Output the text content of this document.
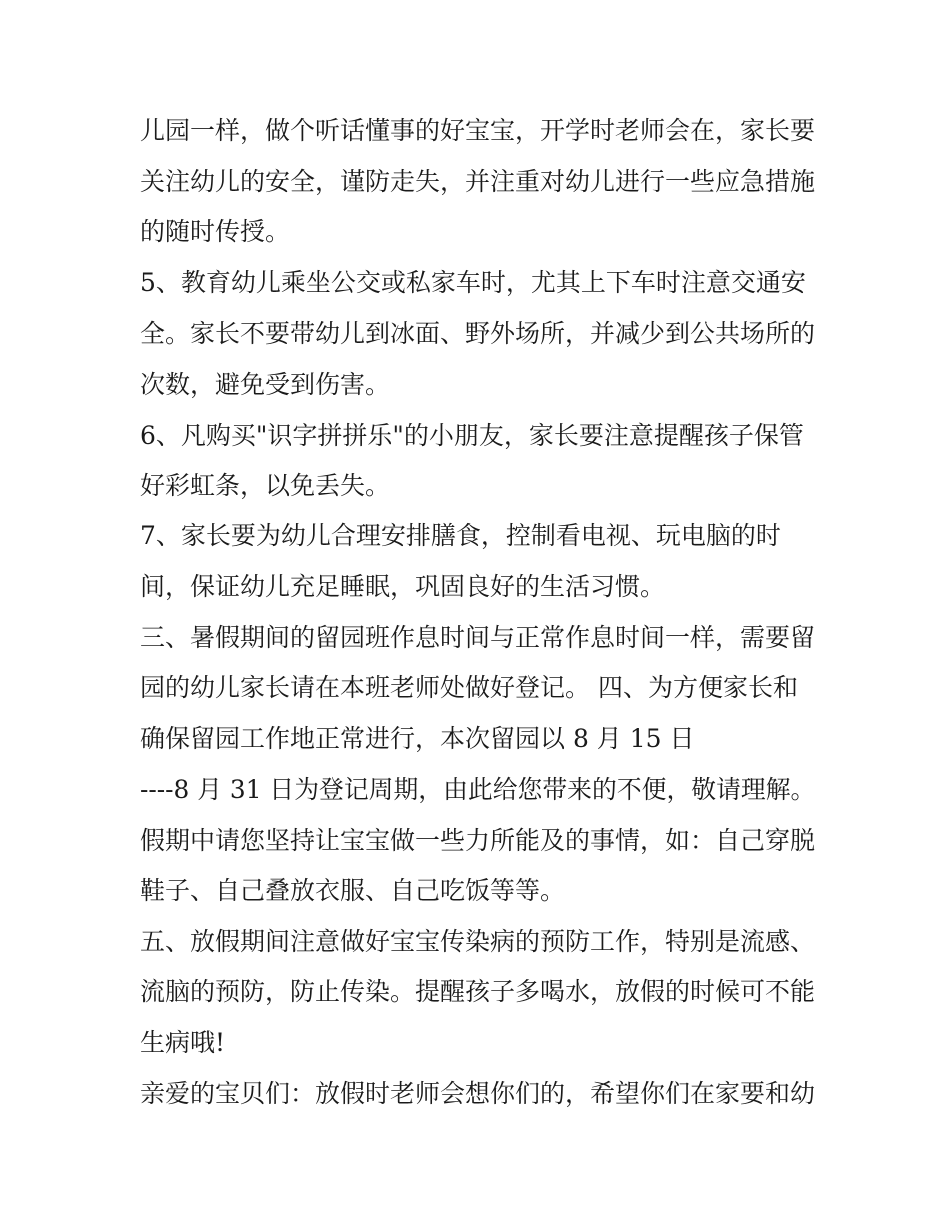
儿园一样，做个听话懂事的好宝宝，开学时老师会在，家长要
关注幼儿的安全，谨防走失，并注重对幼儿进行一些应急措施
的随时传授。
5、教育幼儿乘坐公交或私家车时，尤其上下车时注意交通安
全。家长不要带幼儿到冰面、野外场所，并减少到公共场所的
次数，避免受到伤害。
6、凡购买"识字拼拼乐"的小朋友，家长要注意提醒孩子保管
好彩虹条，以免丢失。
7、家长要为幼儿合理安排膳食，控制看电视、玩电脑的时
间，保证幼儿充足睡眠，巩固良好的生活习惯。
三、暑假期间的留园班作息时间与正常作息时间一样，需要留
园的幼儿家长请在本班老师处做好登记。 四、为方便家长和
确保留园工作地正常进行，本次留园以 8 月 15 日
----8 月 31 日为登记周期，由此给您带来的不便，敬请理解。
假期中请您坚持让宝宝做一些力所能及的事情，如：自己穿脱
鞋子、自己叠放衣服、自己吃饭等等。
五、放假期间注意做好宝宝传染病的预防工作，特别是流感、
流脑的预防，防止传染。提醒孩子多喝水，放假的时候可不能
生病哦!
亲爱的宝贝们：放假时老师会想你们的，希望你们在家要和幼
